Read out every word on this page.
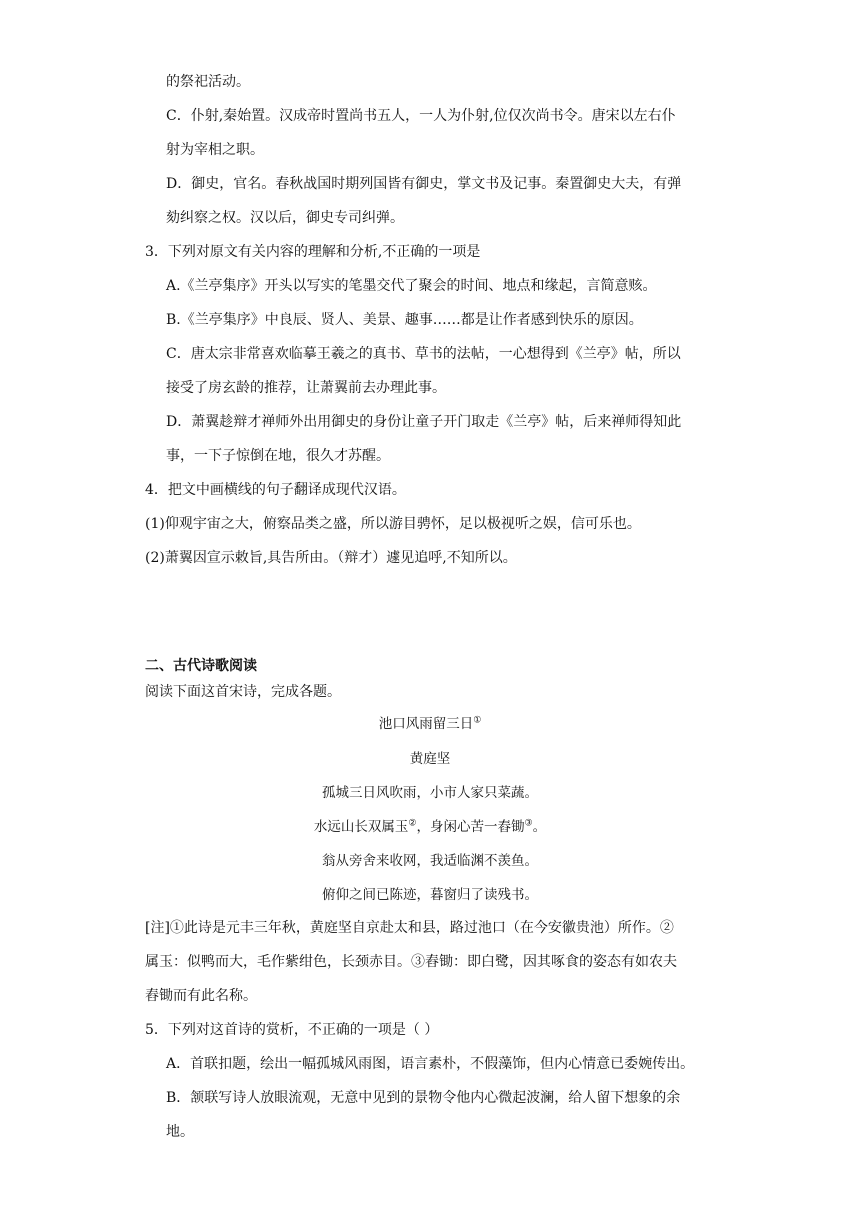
的祭祀活动。
C．仆射,秦始置。汉成帝时置尚书五人，一人为仆射,位仅次尚书令。唐宋以左右仆
射为宰相之职。
D．御史，官名。春秋战国时期列国皆有御史，掌文书及记事。秦置御史大夫，有弹
劾纠察之权。汉以后，御史专司纠弹。
3．下列对原文有关内容的理解和分析,不正确的一项是
A.《兰亭集序》开头以写实的笔墨交代了聚会的时间、地点和缘起，言简意赅。
B.《兰亭集序》中良辰、贤人、美景、趣事……都是让作者感到快乐的原因。
C．唐太宗非常喜欢临摹王羲之的真书、草书的法帖，一心想得到《兰亭》帖，所以
接受了房玄龄的推荐，让萧翼前去办理此事。
D．萧翼趁辩才禅师外出用御史的身份让童子开门取走《兰亭》帖，后来禅师得知此
事，一下子惊倒在地，很久才苏醒。
4．把文中画横线的句子翻译成现代汉语。
(1)仰观宇宙之大，俯察品类之盛，所以游目骋怀，足以极视听之娱，信可乐也。
(2)萧翼因宣示敕旨,具告所由。（辩才）遽见追呼,不知所以。
二、古代诗歌阅读
阅读下面这首宋诗，完成各题。
池口风雨留三日①
黄庭坚
孤城三日风吹雨，小市人家只菜蔬。
水远山长双属玉②，身闲心苦一舂锄③。
翁从旁舍来收网，我适临渊不羡鱼。
俯仰之间已陈迹，暮窗归了读残书。
[注]①此诗是元丰三年秋，黄庭坚自京赴太和县，路过池口（在今安徽贵池）所作。②
属玉：似鸭而大，毛作紫绀色，长颈赤目。③舂锄：即白鹭，因其啄食的姿态有如农夫
舂锄而有此名称。
5．下列对这首诗的赏析，不正确的一项是（ ）
A．首联扣题，绘出一幅孤城风雨图，语言素朴，不假藻饰，但内心情意已委婉传出。
B．颔联写诗人放眼流观，无意中见到的景物令他内心微起波澜，给人留下想象的余
地。
